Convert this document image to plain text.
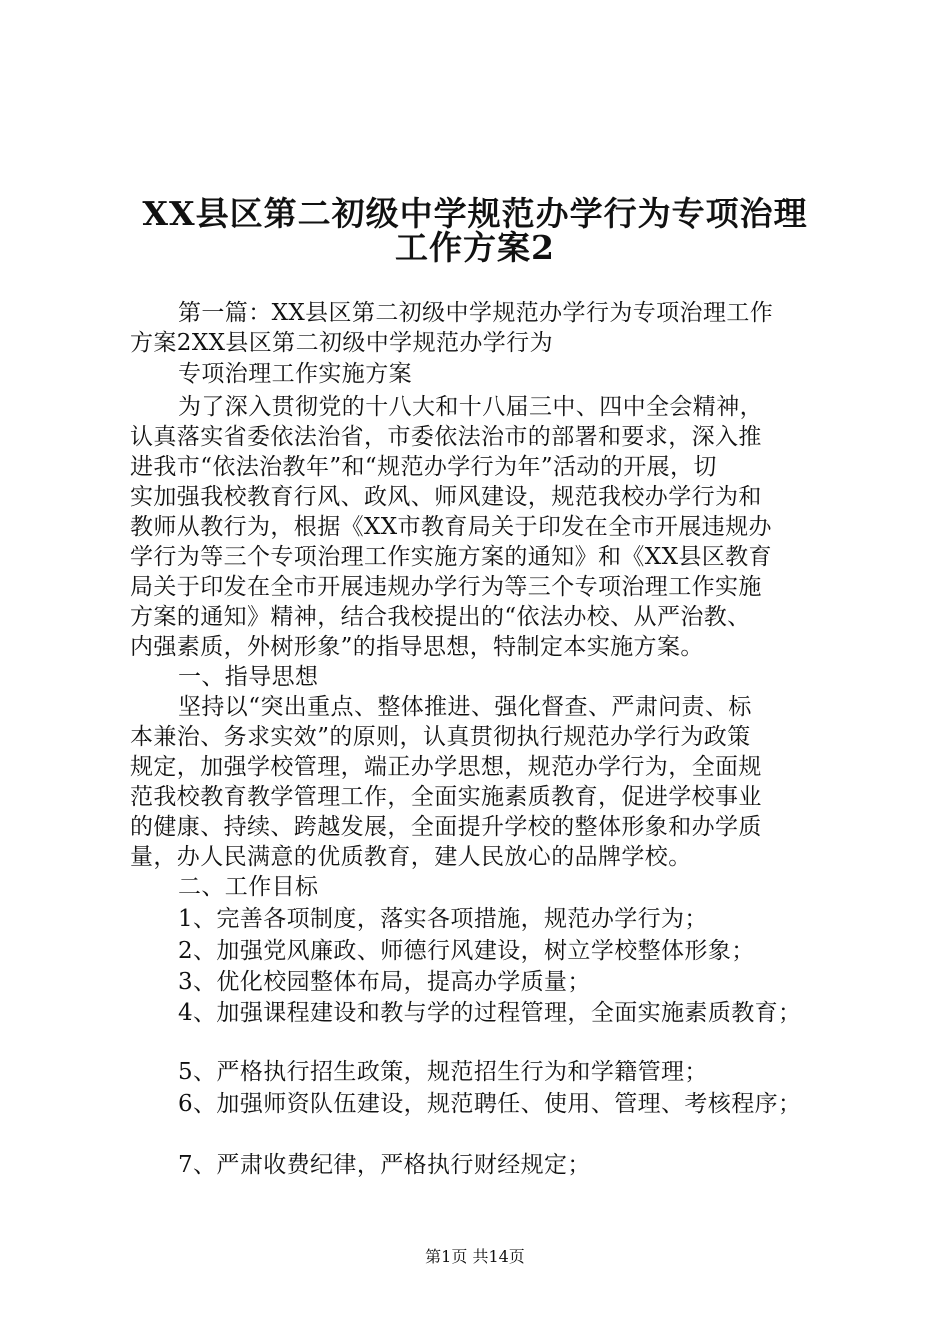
XX县区第二初级中学规范办学行为专项治理
工作方案2
第一篇：XX县区第二初级中学规范办学行为专项治理工作
方案2XX县区第二初级中学规范办学行为
专项治理工作实施方案
为了深入贯彻党的十八大和十八届三中、四中全会精神，
认真落实省委依法治省，市委依法治市的部署和要求，深入推
进我市“依法治教年”和“规范办学行为年”活动的开展，切
实加强我校教育行风、政风、师风建设，规范我校办学行为和
教师从教行为，根据《XX市教育局关于印发在全市开展违规办
学行为等三个专项治理工作实施方案的通知》和《XX县区教育
局关于印发在全市开展违规办学行为等三个专项治理工作实施
方案的通知》精神，结合我校提出的“依法办校、从严治教、
内强素质，外树形象”的指导思想，特制定本实施方案。
一、指导思想
坚持以“突出重点、整体推进、强化督查、严肃问责、标
本兼治、务求实效”的原则，认真贯彻执行规范办学行为政策
规定，加强学校管理，端正办学思想，规范办学行为，全面规
范我校教育教学管理工作，全面实施素质教育，促进学校事业
的健康、持续、跨越发展，全面提升学校的整体形象和办学质
量，办人民满意的优质教育，建人民放心的品牌学校。
二、工作目标
1、完善各项制度，落实各项措施，规范办学行为；
2、加强党风廉政、师德行风建设，树立学校整体形象；
3、优化校园整体布局，提高办学质量；
4、加强课程建设和教与学的过程管理，全面实施素质教育；
5、严格执行招生政策，规范招生行为和学籍管理；
6、加强师资队伍建设，规范聘任、使用、管理、考核程序；
7、严肃收费纪律，严格执行财经规定；
第1页 共14页
